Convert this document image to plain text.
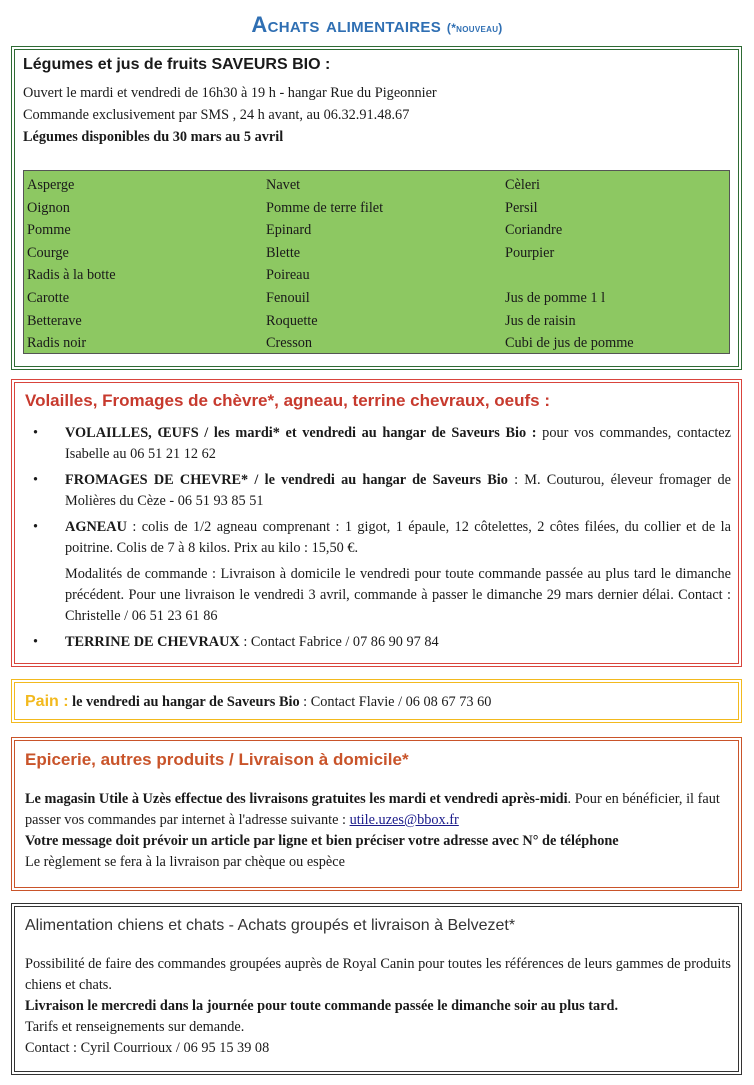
Achats alimentaires (*nouveau)
Légumes et jus de fruits SAVEURS BIO :

Ouvert le mardi et vendredi de 16h30 à 19 h - hangar Rue du Pigeonnier

Commande exclusivement par SMS , 24 h avant, au 06.32.91.48.67

Légumes disponibles du 30 mars au 5 avril

Asperge
Oignon
Pomme
Courge
Radis à la botte
Carotte
Betterave
Radis noir
Navet
Pomme de terre filet
Epinard
Blette
Poireau
Fenouil
Roquette
Cresson
Cèleri
Persil
Coriandre
Pourpier
Jus de pomme 1 l
Jus de raisin
Cubi de jus de pomme
Volailles, Fromages de chèvre*, agneau, terrine chevraux, oeufs :
• VOLAILLES, ŒUFS / les mardi* et vendredi au hangar de Saveurs Bio : pour vos commandes, contactez Isabelle au 06 51 21 12 62
• FROMAGES DE CHEVRE* / le vendredi au hangar de Saveurs Bio : M. Couturou, éleveur fromager de Molières du Cèze - 06 51 93 85 51
• AGNEAU : colis de 1/2 agneau comprenant : 1 gigot, 1 épaule, 12 côtelettes, 2 côtes filées, du collier et de la poitrine. Colis de 7 à 8 kilos. Prix au kilo : 15,50 €.
Modalités de commande : Livraison à domicile le vendredi pour toute commande passée au plus tard le dimanche précédent. Pour une livraison le vendredi 3 avril, commande à passer le dimanche 29 mars dernier délai. Contact : Christelle / 06 51 23 61 86
• TERRINE DE CHEVRAUX : Contact Fabrice / 07 86 90 97 84
Pain : le vendredi au hangar de Saveurs Bio : Contact Flavie / 06 08 67 73 60
Epicerie, autres produits / Livraison à domicile*

Le magasin Utile à Uzès effectue des livraisons gratuites les mardi et vendredi après-midi. Pour en bénéficier, il faut passer vos commandes par internet à l'adresse suivante : utile.uzes@bbox.fr

Votre message doit prévoir un article par ligne et bien préciser votre adresse avec N° de téléphone

Le règlement se fera à la livraison par chèque ou espèce

Alimentation chiens et chats - Achats groupés et livraison à Belvezet*

Possibilité de faire des commandes groupées auprès de Royal Canin pour toutes les références de leurs gammes de produits chiens et chats.

Livraison le mercredi dans la journée pour toute commande passée le dimanche soir au plus tard.

Tarifs et renseignements sur demande.

Contact : Cyril Courrioux / 06 95 15 39 08
